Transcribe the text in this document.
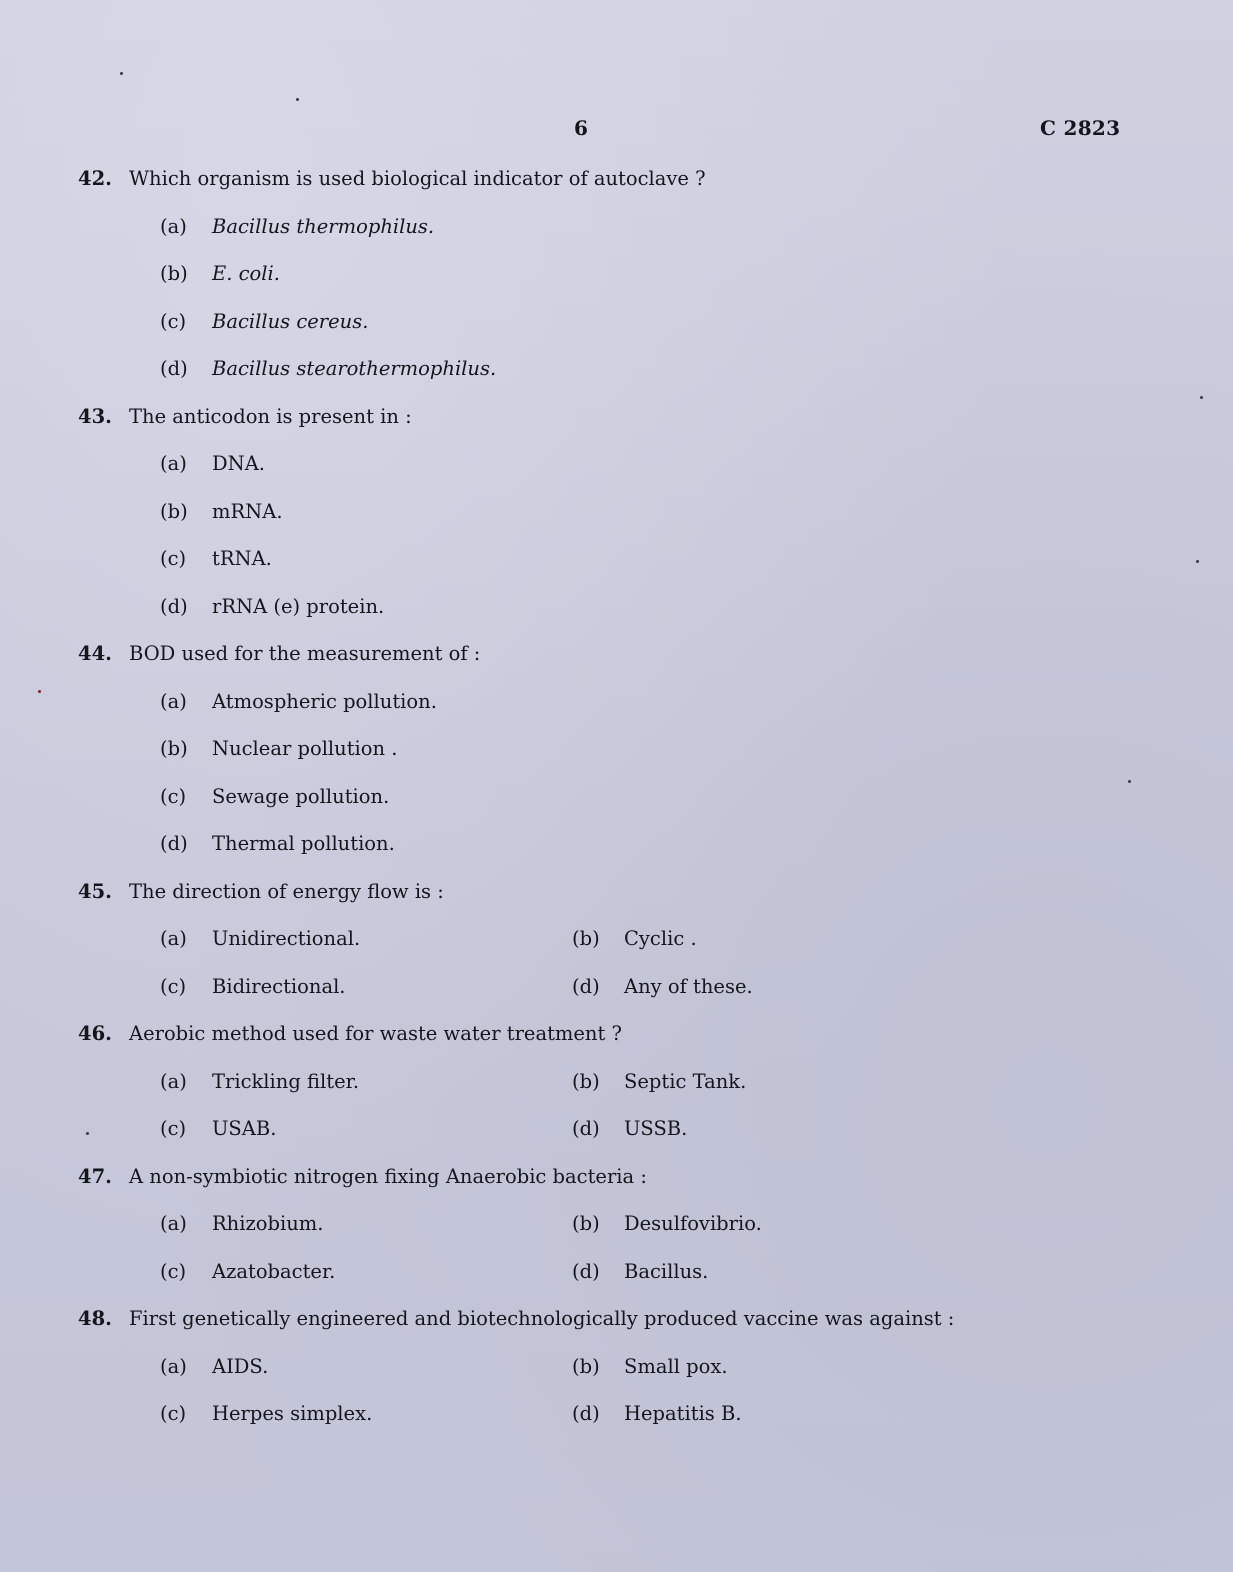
6	C 2823
42. Which organism is used biological indicator of autoclave ?
(a)	Bacillus thermophilus.
(b)	E. coli.
(c)	Bacillus cereus.
(d)	Bacillus stearothermophilus.
43. The anticodon is present in :
(a)	DNA.
(b)	mRNA.
(c)	tRNA.
(d)	rRNA (e) protein.
44. BOD used for the measurement of :
(a)	Atmospheric pollution.
(b)	Nuclear pollution .
(c)	Sewage pollution.
(d)	Thermal pollution.
45. The direction of energy flow is :
(a)	Unidirectional.	(b)	Cyclic .
(c)	Bidirectional.	(d)	Any of these.
46. Aerobic method used for waste water treatment ?
(a)	Trickling filter.	(b)	Septic Tank.
(c)	USAB.	(d)	USSB.
47. A non-symbiotic nitrogen fixing Anaerobic bacteria :
(a)	Rhizobium.	(b)	Desulfovibrio.
(c)	Azatobacter.	(d)	Bacillus.
48. First genetically engineered and biotechnologically produced vaccine was against :
(a)	AIDS.	(b)	Small pox.
(c)	Herpes simplex.	(d)	Hepatitis B.
